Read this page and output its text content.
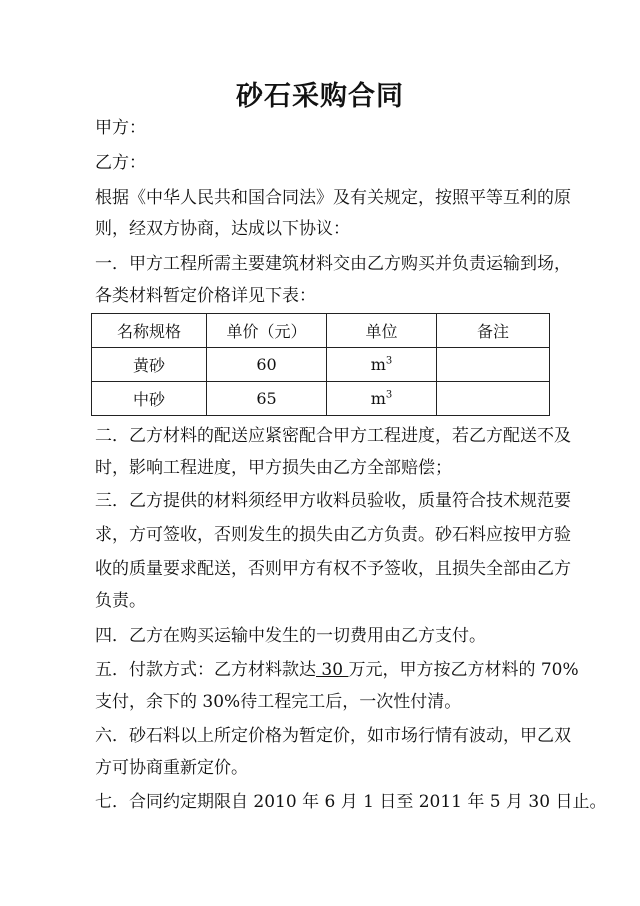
砂石采购合同
甲方：
乙方：
根据《中华人民共和国合同法》及有关规定，按照平等互利的原
则，经双方协商，达成以下协议：
一．甲方工程所需主要建筑材料交由乙方购买并负责运输到场，
各类材料暂定价格详见下表：
名称规格	单价（元）	单位	备注
黄砂	60	$m^3$	
中砂	65	$m^3$	
二．乙方材料的配送应紧密配合甲方工程进度，若乙方配送不及
时，影响工程进度，甲方损失由乙方全部赔偿；
三．乙方提供的材料须经甲方收料员验收，质量符合技术规范要
求，方可签收，否则发生的损失由乙方负责。砂石料应按甲方验
收的质量要求配送，否则甲方有权不予签收，且损失全部由乙方
负责。
四．乙方在购买运输中发生的一切费用由乙方支付。
五．付款方式：乙方材料款达 30 万元，甲方按乙方材料的 70%
支付，余下的 30%待工程完工后，一次性付清。
六．砂石料以上所定价格为暂定价，如市场行情有波动，甲乙双
方可协商重新定价。
七．合同约定期限自 2010 年 6 月 1 日至 2011 年 5 月 30 日止。
